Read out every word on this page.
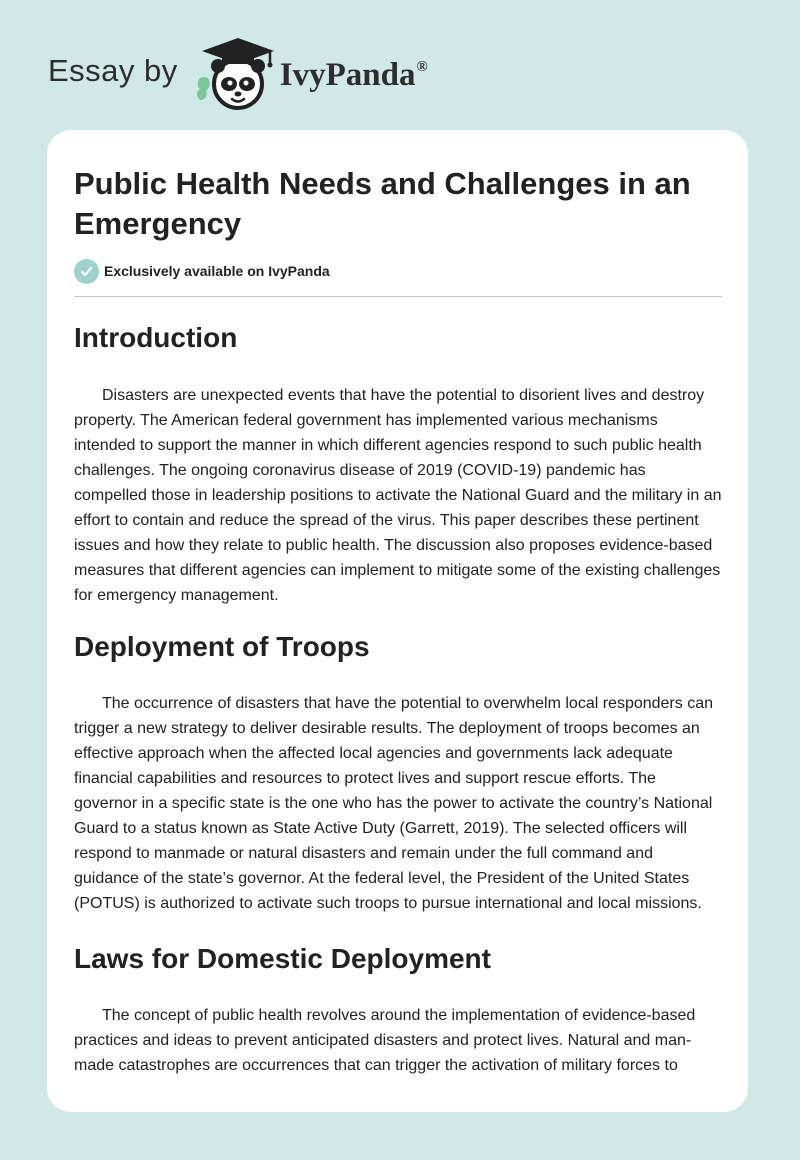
Essay by	IvyPanda®
Public Health Needs and Challenges in an Emergency
Exclusively available on IvyPanda
Introduction

Disasters are unexpected events that have the potential to disorient lives and destroy property. The American federal government has implemented various mechanisms intended to support the manner in which different agencies respond to such public health challenges. The ongoing coronavirus disease of 2019 (COVID-19) pandemic has compelled those in leadership positions to activate the National Guard and the military in an effort to contain and reduce the spread of the virus. This paper describes these pertinent issues and how they relate to public health. The discussion also proposes evidence-based measures that different agencies can implement to mitigate some of the existing challenges for emergency management.

Deployment of Troops

The occurrence of disasters that have the potential to overwhelm local responders can trigger a new strategy to deliver desirable results. The deployment of troops becomes an effective approach when the affected local agencies and governments lack adequate financial capabilities and resources to protect lives and support rescue efforts. The governor in a specific state is the one who has the power to activate the country’s National Guard to a status known as State Active Duty (Garrett, 2019). The selected officers will respond to manmade or natural disasters and remain under the full command and guidance of the state’s governor. At the federal level, the President of the United States (POTUS) is authorized to activate such troops to pursue international and local missions.

Laws for Domestic Deployment

The concept of public health revolves around the implementation of evidence-based practices and ideas to prevent anticipated disasters and protect lives. Natural and man-made catastrophes are occurrences that can trigger the activation of military forces to
